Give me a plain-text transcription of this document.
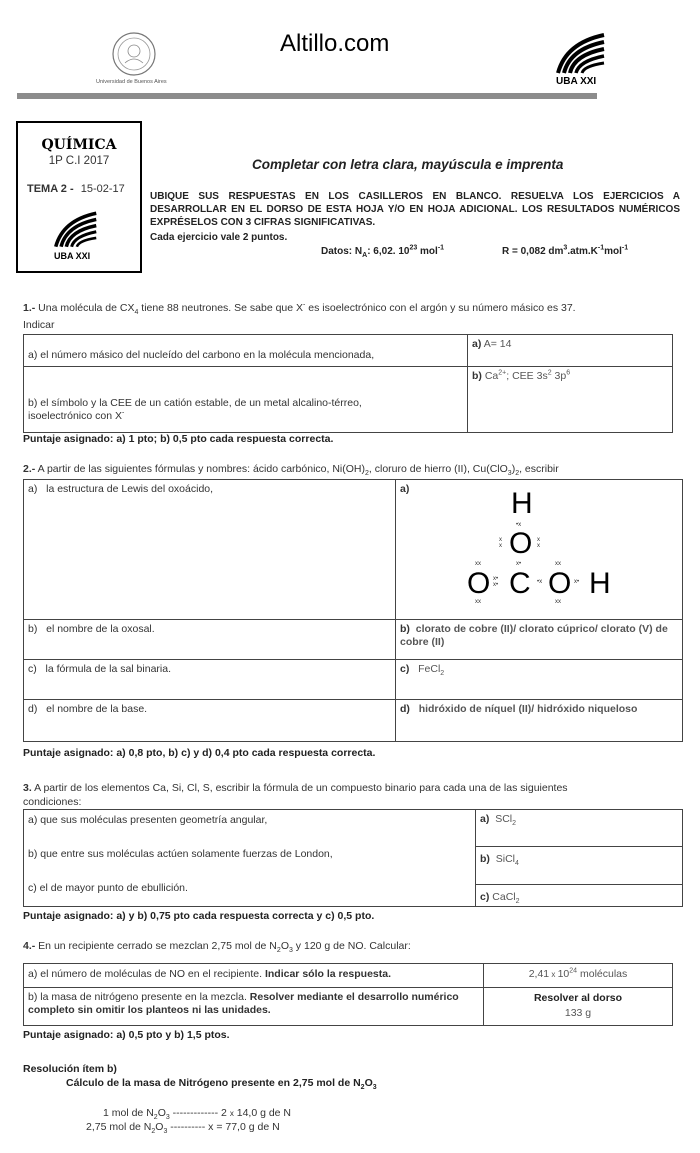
Universidad de Buenos Aires
Altillo.com
UBA XXI
QUÍMICA
1P C.I 2017
TEMA 2 - 15-02-17
UBA XXI
Completar con letra clara, mayúscula e imprenta
UBIQUE SUS RESPUESTAS EN LOS CASILLEROS EN BLANCO. RESUELVA LOS EJERCICIOS A DESARROLLAR EN EL DORSO DE ESTA HOJA Y/O EN HOJA ADICIONAL. LOS RESULTADOS NUMÉRICOS EXPRÉSELOS CON 3 CIFRAS SIGNIFICATIVAS.
Cada ejercicio vale 2 puntos.
Datos: $N_A$: 6,02. $10^{23}$ mol$^{-1}$	R = 0,082 $dm^3.atm.K^{-1}mol^{-1}$
1.- Una molécula de $CX_4$ tiene 88 neutrones. Se sabe que X- es isoelectrónico con el argón y su número másico es 37.
Indicar
a) el número másico del nucleído del carbono en la molécula mencionada,	a) A= 14

b) el símbolo y la CEE de un catión estable, de un metal alcalino-térreo,
isoelectrónico con X-	b) $Ca^{2+}$; CEE $3s^2$ $3p^6$
Puntaje asignado: a) 1 pto; b) 0,5 pto cada respuesta correcta.
2.- A partir de las siguientes fórmulas y nombres: ácido carbónico, $Ni(OH)_2$, cloruro de hierro (II), $Cu(ClO_3)_2$, escribir
a) la estructura de Lewis del oxoácido,	a)
b) el nombre de la oxosal.	b) clorato de cobre (II)/ clorato cúprico/ clorato (V) de cobre (II)
c) la fórmula de la sal binaria.	c) FeCl$_2$
d) el nombre de la base.	d) hidróxido de níquel (II)/ hidróxido niqueloso
H
•x
O
x
x
x
x
x•
xx	xx
O x•
x• C •x O x• H
xx	xx
Puntaje asignado: a) 0,8 pto, b) c) y d) 0,4 pto cada respuesta correcta.
3. A partir de los elementos Ca, Si, Cl, S, escribir la fórmula de un compuesto binario para cada una de las siguientes
condiciones:
a) que sus moléculas presenten geometría angular,
b) que entre sus moléculas actúen solamente fuerzas de London,
c) el de mayor punto de ebullición.
	a) SCl$_2$
b) SiCl$_4$
c) CaCl$_2$
Puntaje asignado: a) y b) 0,75 pto cada respuesta correcta y c) 0,5 pto.
4.- En un recipiente cerrado se mezclan 2,75 mol de $N_2O_3$ y 120 g de NO. Calcular:
a) el número de moléculas de NO en el recipiente. Indicar sólo la respuesta.	2,41 x $10^{24}$ moléculas
b) la masa de nitrógeno presente en la mezcla. Resolver mediante el desarrollo numérico completo sin omitir los planteos ni las unidades.	Resolver al dorso
133 g
Puntaje asignado: a) 0,5 pto y b) 1,5 ptos.
Resolución ítem b)
Cálculo de la masa de Nitrógeno presente en 2,75 mol de $N_2O_3$
1 mol de $N_2O_3$ ------------- 2 x 14,0 g de N
2,75 mol de $N_2O_3$ ---------- x = 77,0 g de N
